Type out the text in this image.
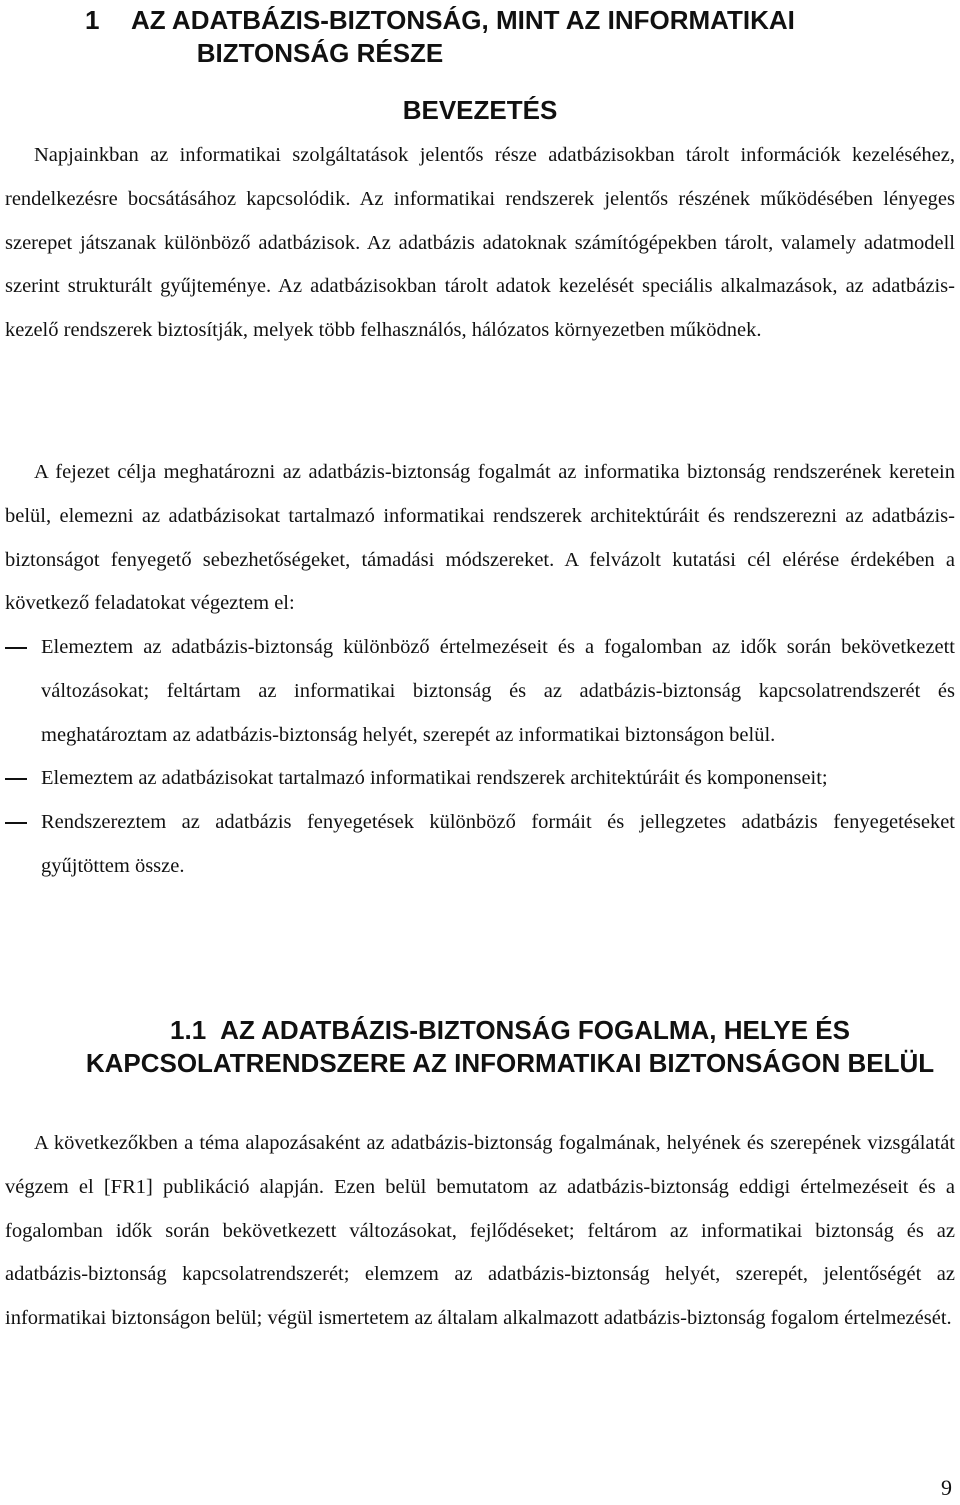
1 AZ ADATBÁZIS-BIZTONSÁG, MINT AZ INFORMATIKAI
BIZTONSÁG RÉSZE
BEVEZETÉS

Napjainkban az informatikai szolgáltatások jelentős része adatbázisokban tárolt információk kezeléséhez, rendelkezésre bocsátásához kapcsolódik. Az informatikai rendszerek jelentős részének működésében lényeges szerepet játszanak különböző adatbázisok. Az adatbázis adatoknak számítógépekben tárolt, valamely adatmodell szerint strukturált gyűjteménye. Az adatbázisokban tárolt adatok kezelését speciális alkalmazások, az adatbázis-kezelő rendszerek biztosítják, melyek több felhasználós, hálózatos környezetben működnek.

A fejezet célja meghatározni az adatbázis-biztonság fogalmát az informatika biztonság rendszerének keretein belül, elemezni az adatbázisokat tartalmazó informatikai rendszerek architektúráit és rendszerezni az adatbázis-biztonságot fenyegető sebezhetőségeket, támadási módszereket. A felvázolt kutatási cél elérése érdekében a következő feladatokat végeztem el:

Elemeztem az adatbázis-biztonság különböző értelmezéseit és a fogalomban az idők során bekövetkezett változásokat; feltártam az informatikai biztonság és az adatbázis-biztonság kapcsolatrendszerét és meghatároztam az adatbázis-biztonság helyét, szerepét az informatikai biztonságon belül.
Elemeztem az adatbázisokat tartalmazó informatikai rendszerek architektúráit és komponenseit;
Rendszereztem az adatbázis fenyegetések különböző formáit és jellegzetes adatbázis fenyegetéseket gyűjtöttem össze.
1.1 AZ ADATBÁZIS-BIZTONSÁG FOGALMA, HELYE ÉS KAPCSOLATRENDSZERE AZ INFORMATIKAI BIZTONSÁGON BELÜL

A következőkben a téma alapozásaként az adatbázis-biztonság fogalmának, helyének és szerepének vizsgálatát végzem el [FR1] publikáció alapján. Ezen belül bemutatom az adatbázis-biztonság eddigi értelmezéseit és a fogalomban idők során bekövetkezett változásokat, fejlődéseket; feltárom az informatikai biztonság és az adatbázis-biztonság kapcsolatrendszerét; elemzem az adatbázis-biztonság helyét, szerepét, jelentőségét az informatikai biztonságon belül; végül ismertetem az általam alkalmazott adatbázis-biztonság fogalom értelmezését.

9
